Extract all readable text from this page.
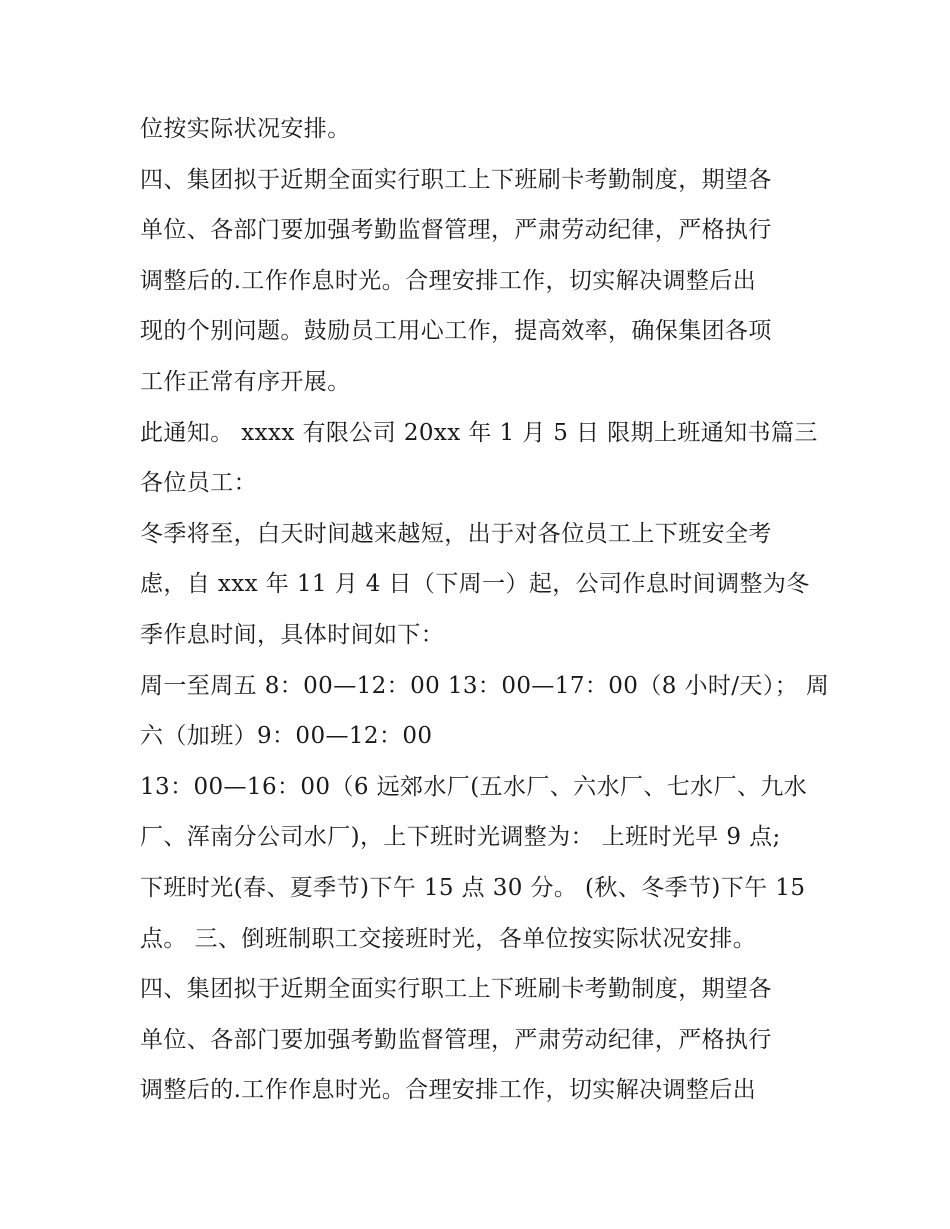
位按实际状况安排。
四、集团拟于近期全面实行职工上下班刷卡考勤制度，期望各
单位、各部门要加强考勤监督管理，严肃劳动纪律，严格执行
调整后的.工作作息时光。合理安排工作，切实解决调整后出
现的个别问题。鼓励员工用心工作，提高效率，确保集团各项
工作正常有序开展。
此通知。 xxxx 有限公司 20xx 年 1 月 5 日 限期上班通知书篇三
各位员工：
冬季将至，白天时间越来越短，出于对各位员工上下班安全考
虑，自 xxx 年 11 月 4 日（下周一）起，公司作息时间调整为冬
季作息时间，具体时间如下：
周一至周五 8：00—12：00 13：00—17：00（8 小时/天）； 周
六（加班）9：00—12：00
13：00—16：00（6 远郊水厂(五水厂、六水厂、七水厂、九水
厂、浑南分公司水厂)，上下班时光调整为： 上班时光早 9 点;
下班时光(春、夏季节)下午 15 点 30 分。 (秋、冬季节)下午 15
点。 三、倒班制职工交接班时光，各单位按实际状况安排。
四、集团拟于近期全面实行职工上下班刷卡考勤制度，期望各
单位、各部门要加强考勤监督管理，严肃劳动纪律，严格执行
调整后的.工作作息时光。合理安排工作，切实解决调整后出
